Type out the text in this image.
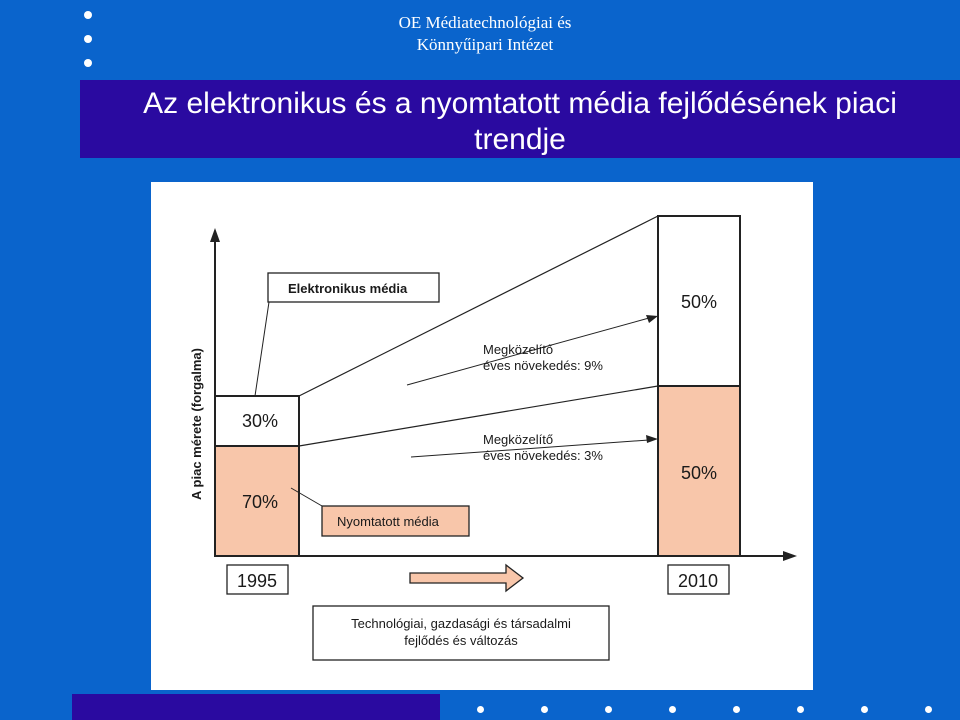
OE Médiatechnológiai és
Könnyűipari Intézet
Az elektronikus és a nyomtatott média fejlődésének piaci
trendje
A piac mérete (forgalma) 30%
70%
50%
50%
Megközelítő
éves növekedés: 9%
Megközelítő
éves növekedés: 3%
Elektronikus média
Nyomtatott média
1995	2010
Technológiai, gazdasági és társadalmi
fejlődés és változás
